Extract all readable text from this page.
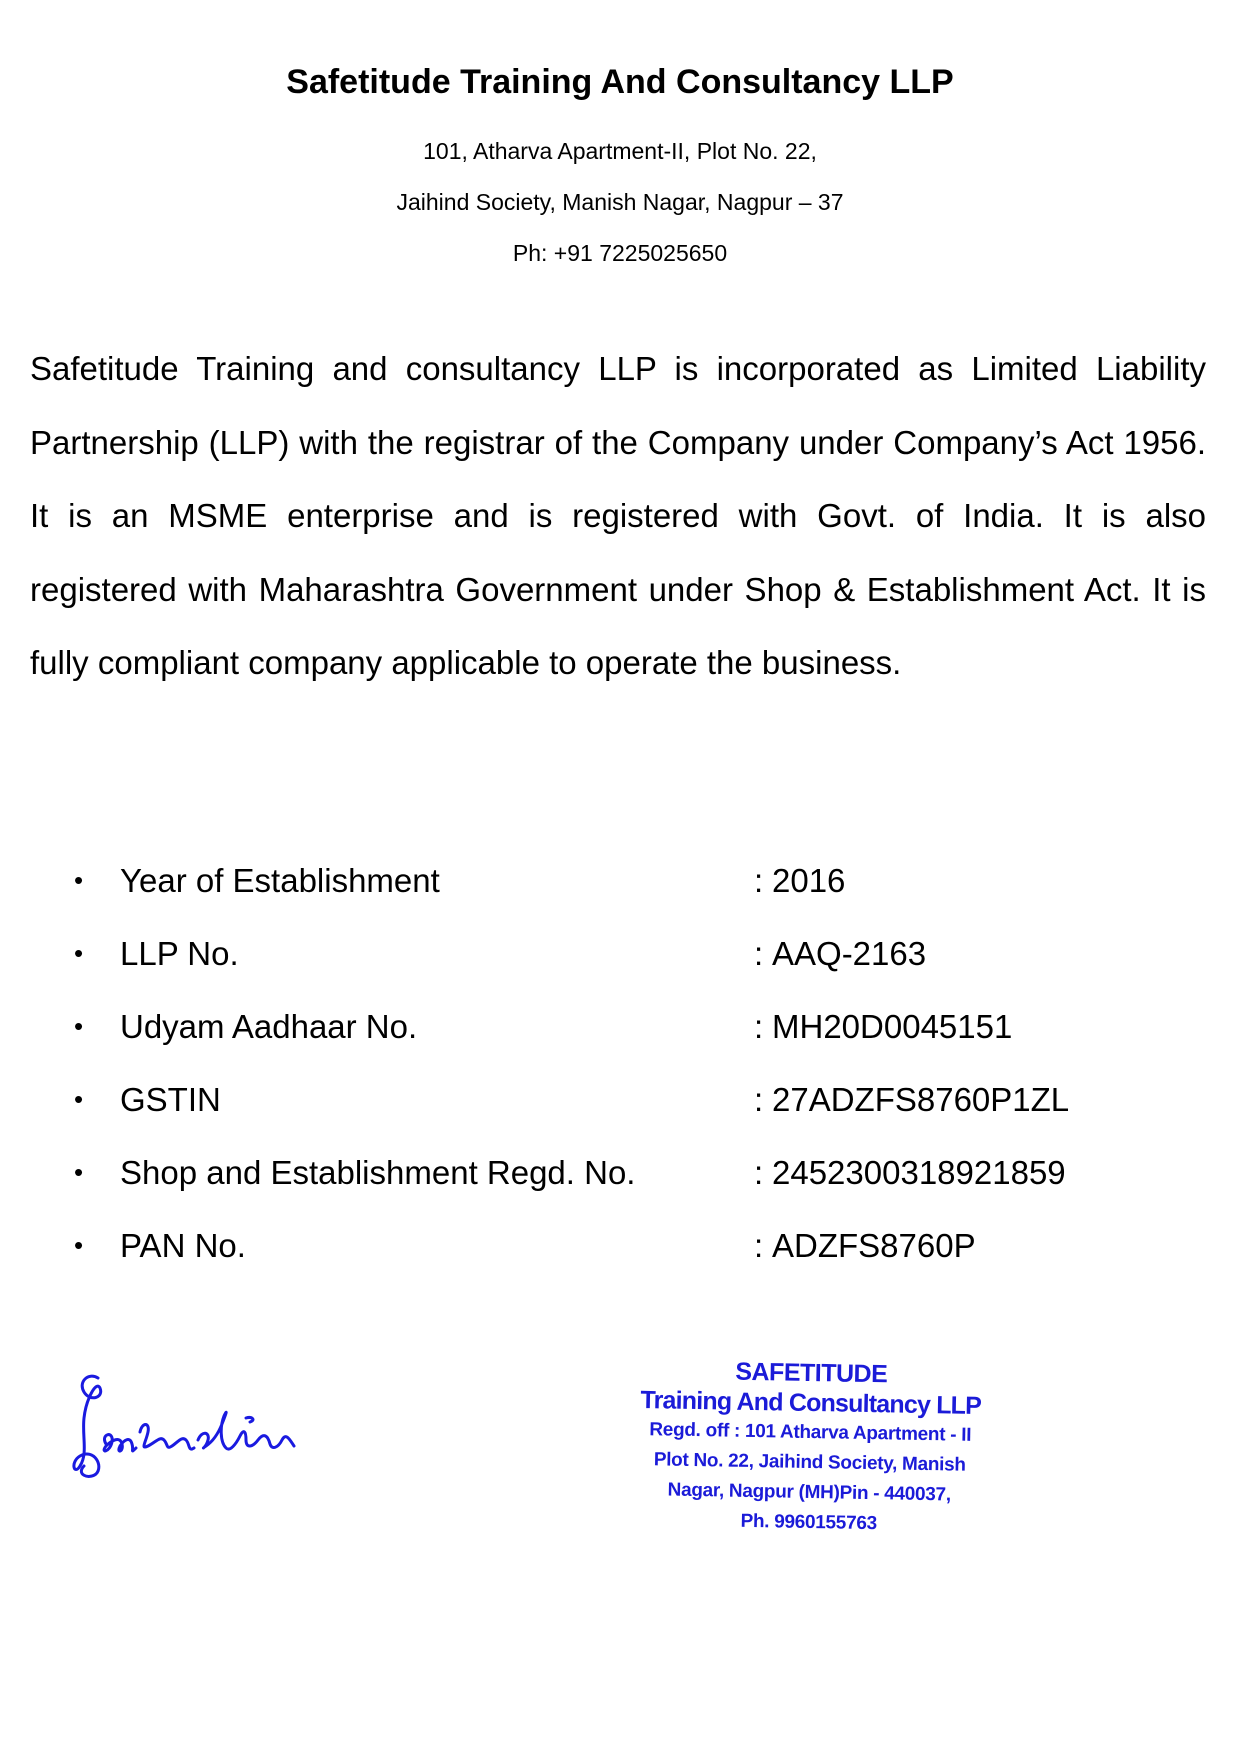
Safetitude Training And Consultancy LLP
101, Atharva Apartment-II, Plot No. 22,
Jaihind Society, Manish Nagar, Nagpur – 37
Ph: +91 7225025650

Safetitude Training and consultancy LLP is incorporated as Limited Liability Partnership (LLP) with the registrar of the Company under Company’s Act 1956. It is an MSME enterprise and is registered with Govt. of India. It is also registered with Maharashtra Government under Shop & Establishment Act. It is fully compliant company applicable to operate the business.

• Year of Establishment	: 2016
• LLP No.	: AAQ-2163
• Udyam Aadhaar No.	: MH20D0045151
• GSTIN	: 27ADZFS8760P1ZL
• Shop and Establishment Regd. No.	: 2452300318921859
• PAN No.	: ADZFS8760P
SAFETITUDE
Training And Consultancy LLP
Regd. off : 101 Atharva Apartment - II
Plot No. 22, Jaihind Society, Manish
Nagar, Nagpur (MH)Pin - 440037,
Ph. 9960155763
